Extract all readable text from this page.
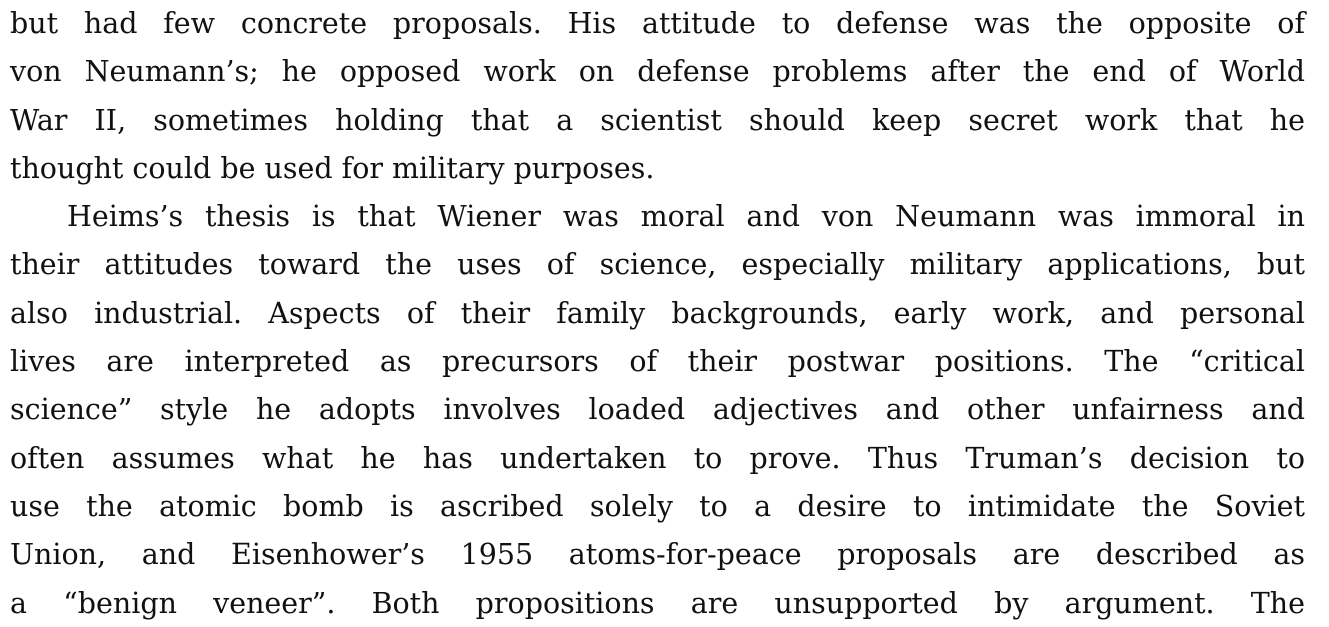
but had few concrete proposals. His attitude to defense was the opposite of
von Neumann’s; he opposed work on defense problems after the end of World
War II, sometimes holding that a scientist should keep secret work that he
thought could be used for military purposes.
Heims’s thesis is that Wiener was moral and von Neumann was immoral in
their attitudes toward the uses of science, especially military applications, but
also industrial. Aspects of their family backgrounds, early work, and personal
lives are interpreted as precursors of their postwar positions. The “critical
science” style he adopts involves loaded adjectives and other unfairness and
often assumes what he has undertaken to prove. Thus Truman’s decision to
use the atomic bomb is ascribed solely to a desire to intimidate the Soviet
Union, and Eisenhower’s 1955 atoms-for-peace proposals are described as
a “benign veneer”. Both propositions are unsupported by argument. The
